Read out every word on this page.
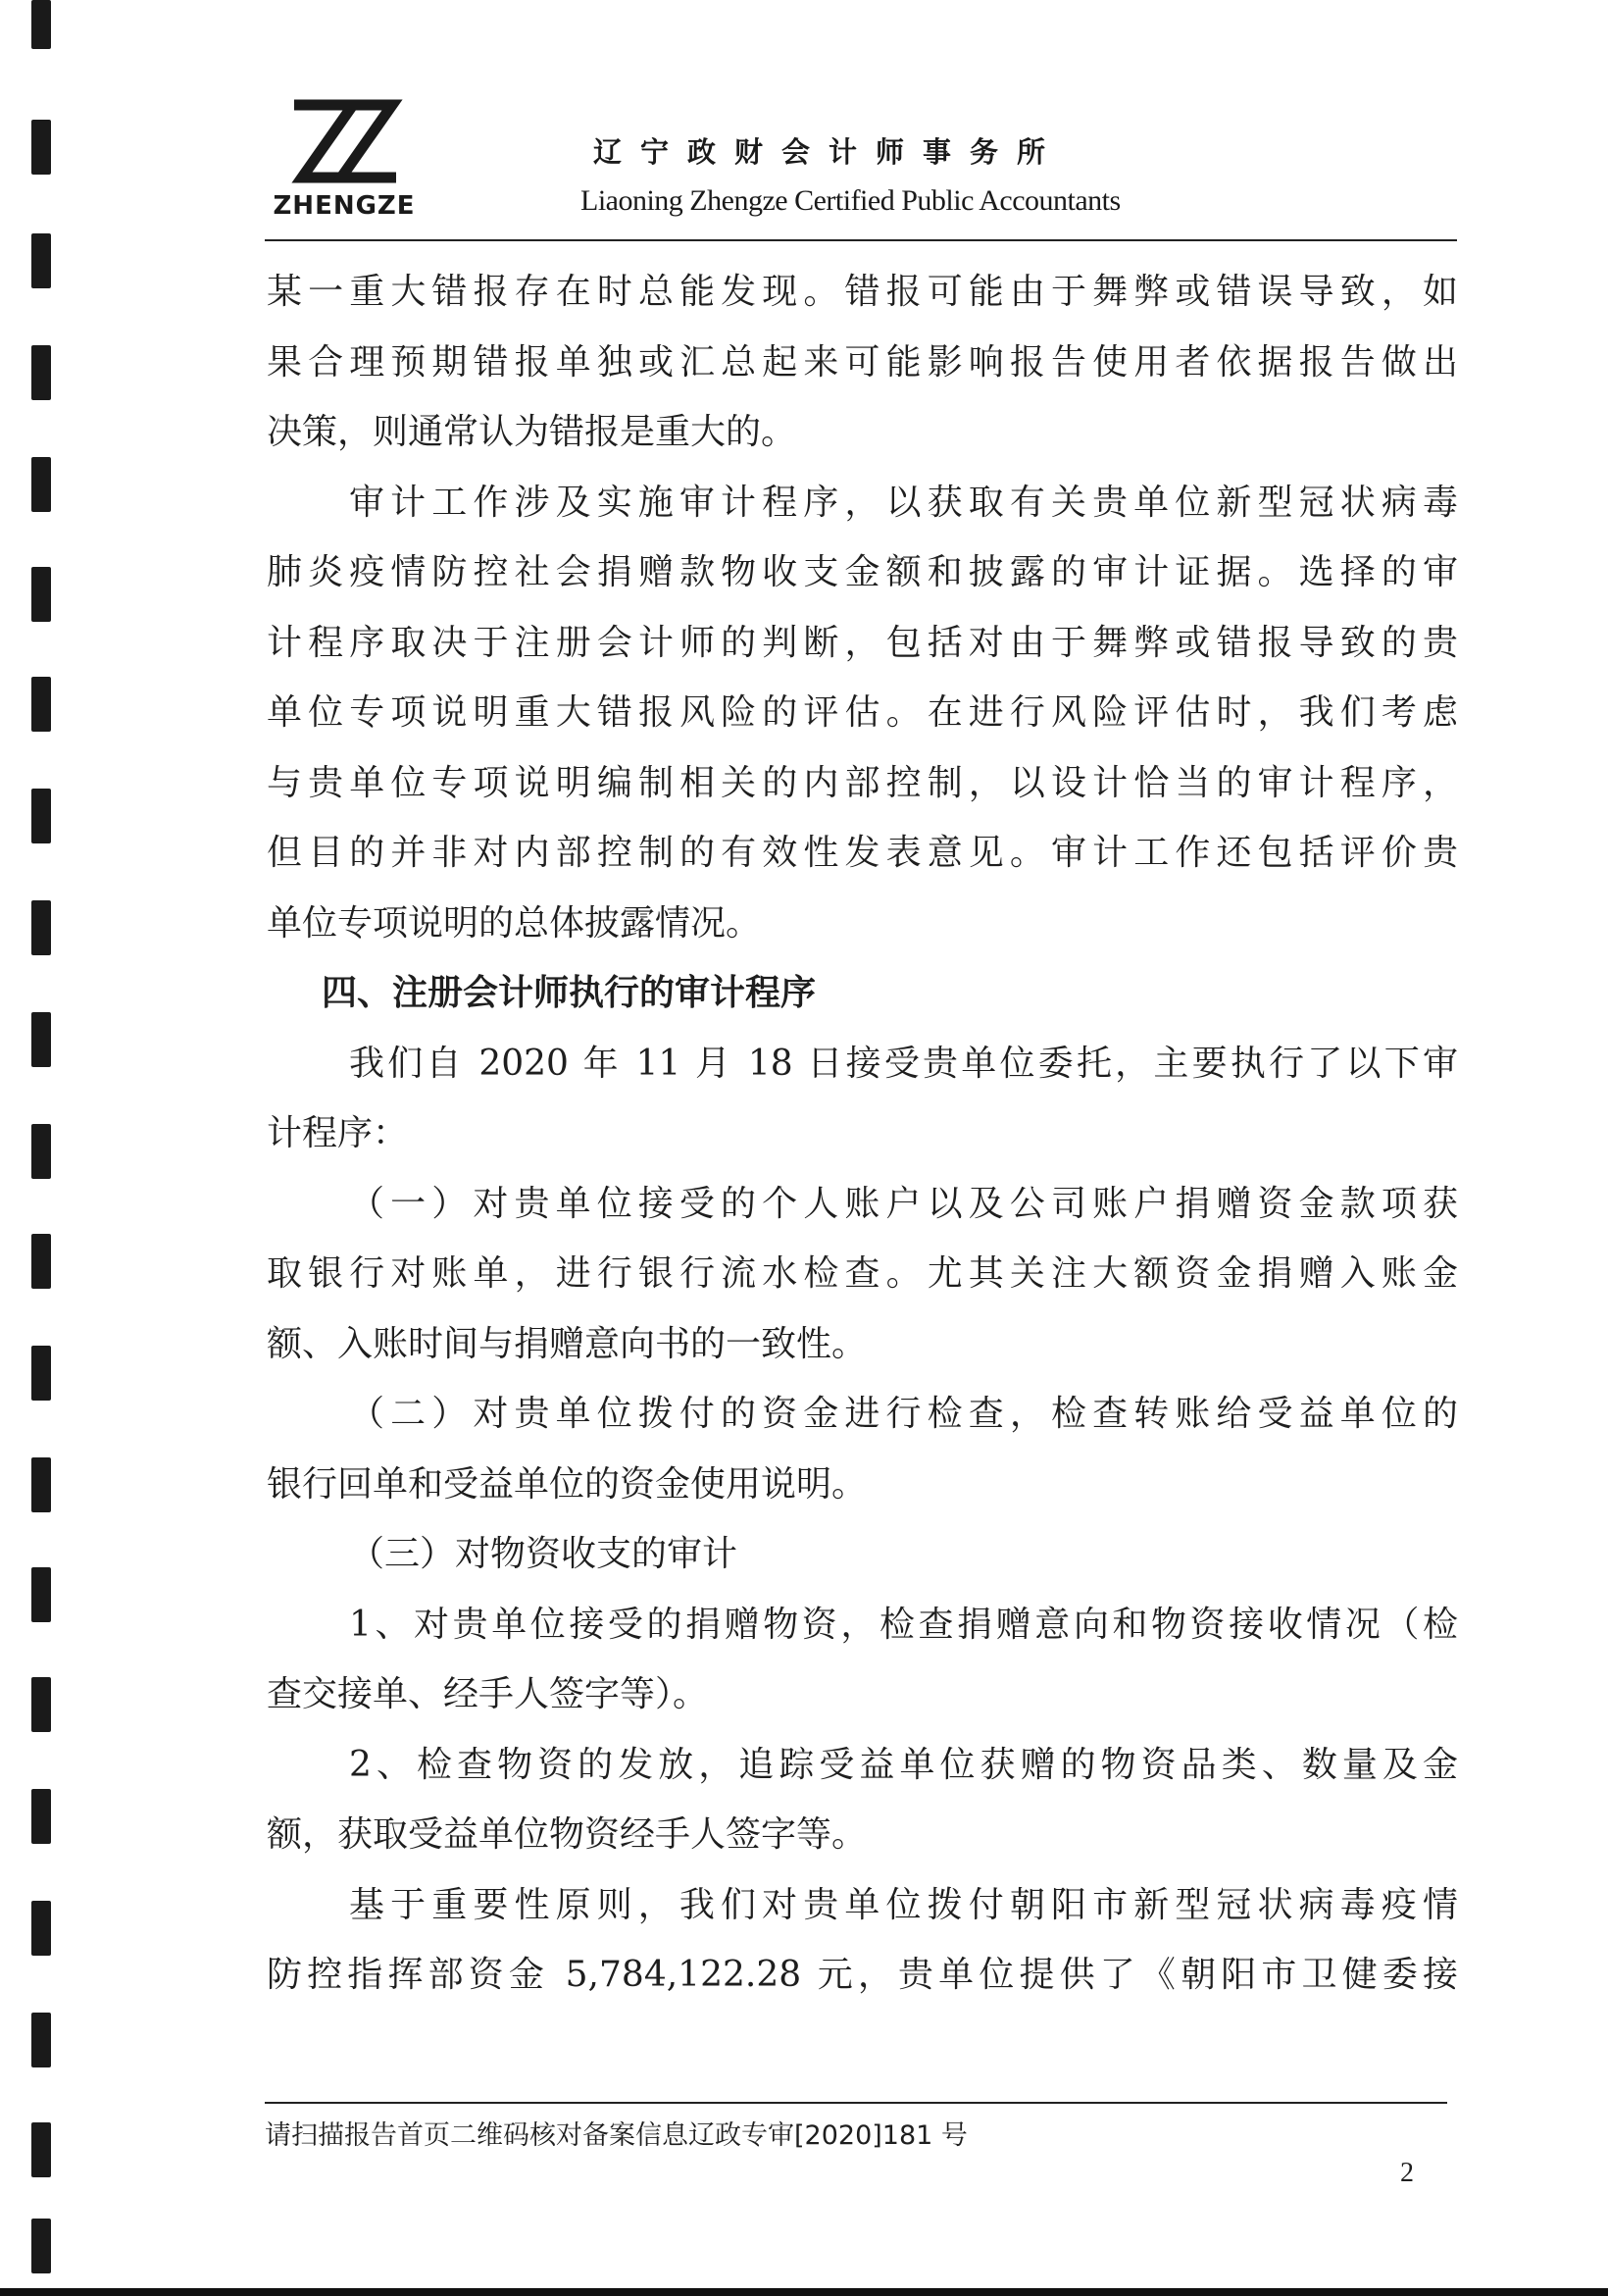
ZHENGZE
辽宁政财会计师事务所
Liaoning Zhengze Certified Public Accountants
某一重大错报存在时总能发现。错报可能由于舞弊或错误导致，如
果合理预期错报单独或汇总起来可能影响报告使用者依据报告做出
决策，则通常认为错报是重大的。
审计工作涉及实施审计程序，以获取有关贵单位新型冠状病毒
肺炎疫情防控社会捐赠款物收支金额和披露的审计证据。选择的审
计程序取决于注册会计师的判断，包括对由于舞弊或错报导致的贵
单位专项说明重大错报风险的评估。在进行风险评估时，我们考虑
与贵单位专项说明编制相关的内部控制，以设计恰当的审计程序，
但目的并非对内部控制的有效性发表意见。审计工作还包括评价贵
单位专项说明的总体披露情况。
四、注册会计师执行的审计程序
我们自 2020 年 11 月 18 日接受贵单位委托，主要执行了以下审
计程序：
（一）对贵单位接受的个人账户以及公司账户捐赠资金款项获
取银行对账单，进行银行流水检查。尤其关注大额资金捐赠入账金
额、入账时间与捐赠意向书的一致性。
（二）对贵单位拨付的资金进行检查，检查转账给受益单位的
银行回单和受益单位的资金使用说明。
（三）对物资收支的审计
1、对贵单位接受的捐赠物资，检查捐赠意向和物资接收情况（检
查交接单、经手人签字等）。
2、检查物资的发放，追踪受益单位获赠的物资品类、数量及金
额，获取受益单位物资经手人签字等。
基于重要性原则，我们对贵单位拨付朝阳市新型冠状病毒疫情
防控指挥部资金 5,784,122.28 元，贵单位提供了《朝阳市卫健委接
请扫描报告首页二维码核对备案信息辽政专审[2020]181 号
2
